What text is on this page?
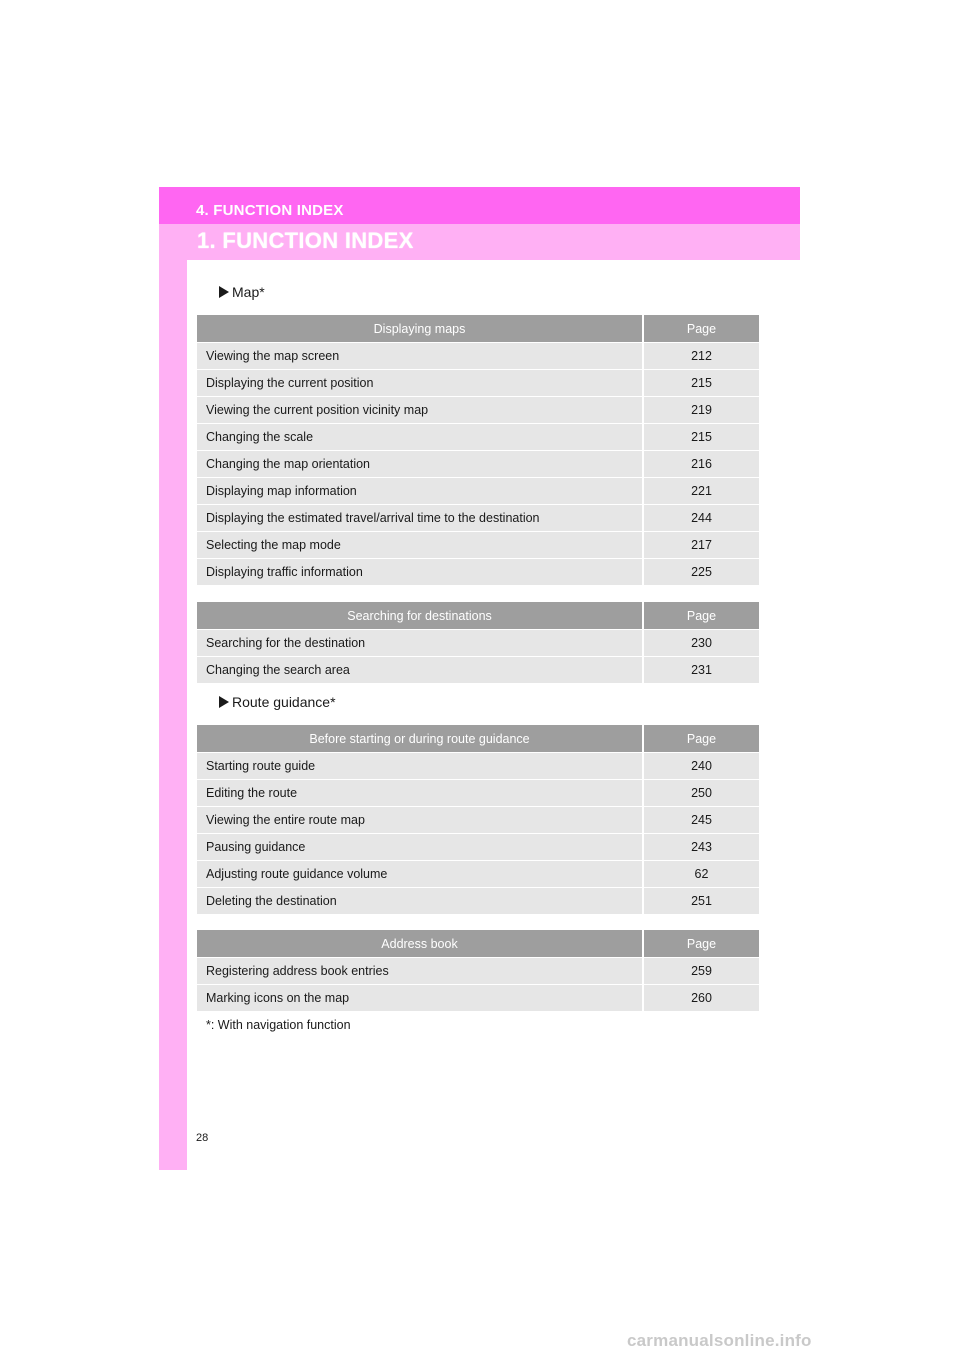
4. FUNCTION INDEX
1. FUNCTION INDEX
Map*
Displaying maps	Page
Viewing the map screen	212
Displaying the current position	215
Viewing the current position vicinity map	219
Changing the scale	215
Changing the map orientation	216
Displaying map information	221
Displaying the estimated travel/arrival time to the destination	244
Selecting the map mode	217
Displaying traffic information	225
Searching for destinations	Page
Searching for the destination	230
Changing the search area	231
Route guidance*
Before starting or during route guidance	Page
Starting route guide	240
Editing the route	250
Viewing the entire route map	245
Pausing guidance	243
Adjusting route guidance volume	62
Deleting the destination	251
Address book	Page
Registering address book entries	259
Marking icons on the map	260
*: With navigation function
28
carmanualsonline.info
